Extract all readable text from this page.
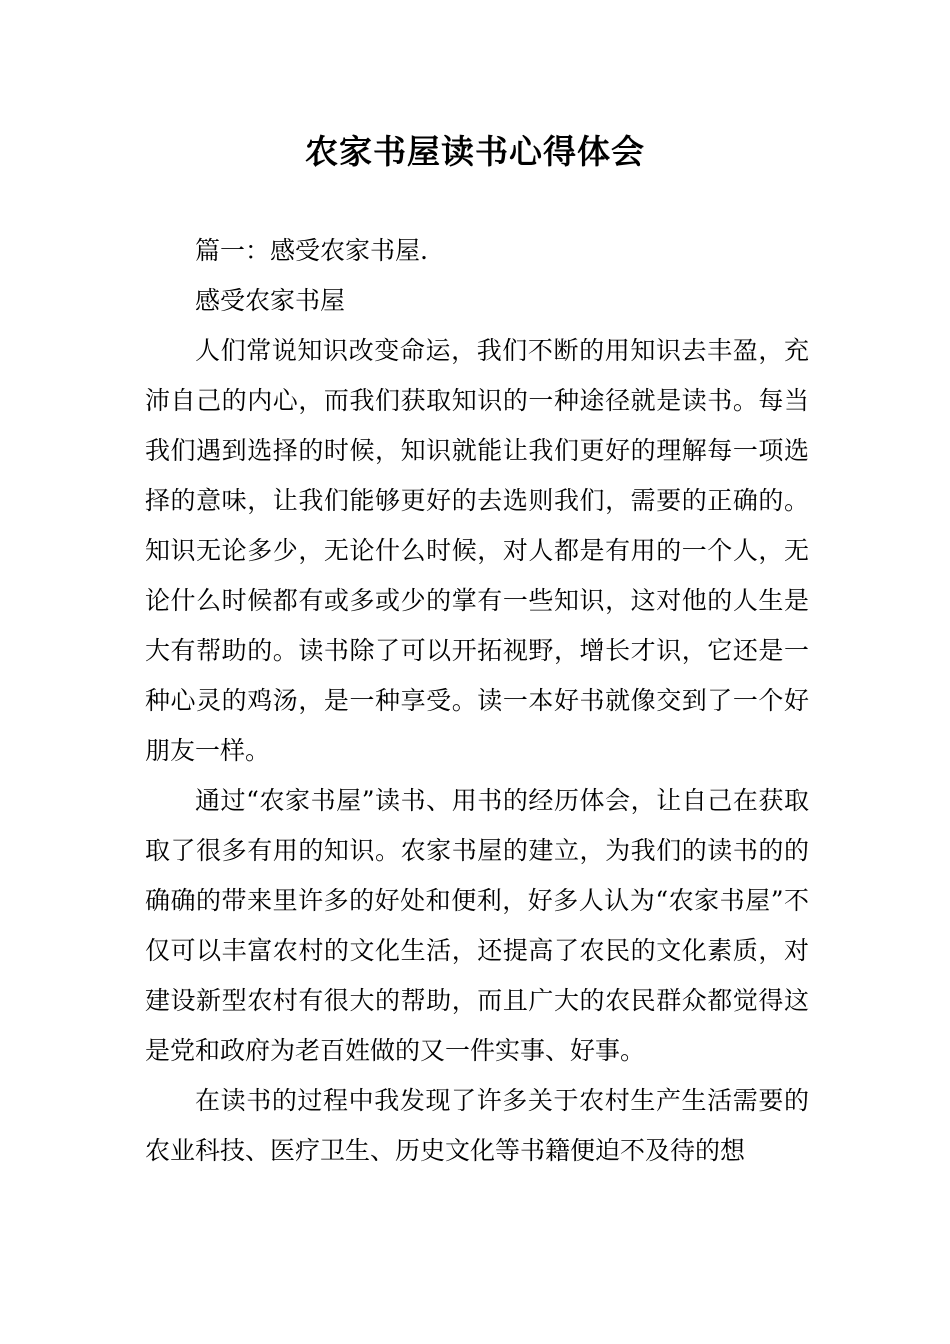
农家书屋读书心得体会

篇一：感受农家书屋.

感受农家书屋

人们常说知识改变命运，我们不断的用知识去丰盈，充沛自己的内心，而我们获取知识的一种途径就是读书。每当我们遇到选择的时候，知识就能让我们更好的理解每一项选择的意味，让我们能够更好的去选则我们，需要的正确的。知识无论多少，无论什么时候，对人都是有用的一个人，无论什么时候都有或多或少的掌有一些知识，这对他的人生是大有帮助的。读书除了可以开拓视野，增长才识，它还是一种心灵的鸡汤，是一种享受。读一本好书就像交到了一个好朋友一样。

通过“农家书屋”读书、用书的经历体会，让自己在获取取了很多有用的知识。农家书屋的建立，为我们的读书的的确确的带来里许多的好处和便利，好多人认为“农家书屋”不仅可以丰富农村的文化生活，还提高了农民的文化素质，对建设新型农村有很大的帮助，而且广大的农民群众都觉得这是党和政府为老百姓做的又一件实事、好事。

在读书的过程中我发现了许多关于农村生产生活需要的农业科技、医疗卫生、历史文化等书籍便迫不及待的想
